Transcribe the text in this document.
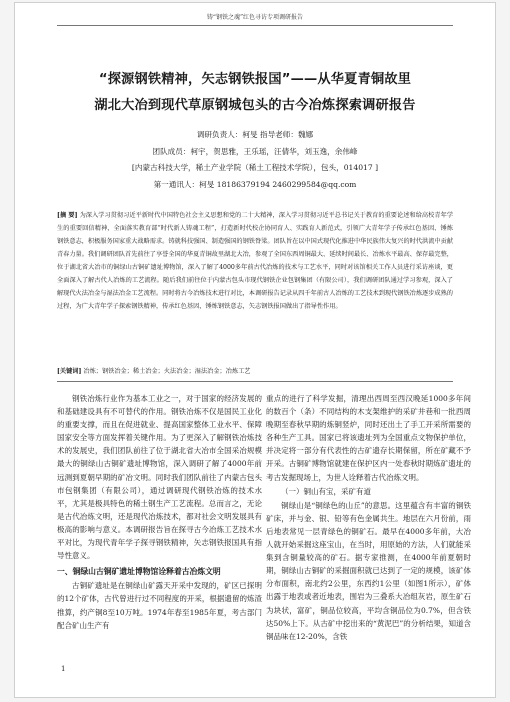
铸“钢铁之魂”红色寻访专项调研报告
“探源钢铁精神，矢志钢铁报国”——从华夏青铜故里
湖北大冶到现代草原钢城包头的古今冶炼探索调研报告
调研负责人：柯旻 指导老师：魏娜
团队成员：柯宇，贺思雅，王乐瑶，汪倩华，刘玉逸，余伟峰
[内蒙古科技大学，稀土产业学院（稀土工程技术学院），包头，014017 ]
第一通讯人：柯旻 18186379194 2460299584@qq.com
[摘 要] 为深入学习贯彻习近平新时代中国特色社会主义思想和党的二十大精神，深入学习贯彻习近平总书记关于教育的重要论述和给高校青年学生的重要回信精神，全面落实教育部“时代新人铸魂工程”，打造新时代校企协同育人、实践育人新范式，引领广大青年学子传承红色基因、锤炼钢铁意志，积极服务国家重大战略需求。铸就科技强国、制造强国的钢铁脊梁。团队旨在以中国式现代化推进中华民族伟大复兴的时代洪流中贡献青春力量。我们调研团队首先前往了享誉全国的华夏青铜故里湖北大冶，参观了全国东西周铜最大、延续时间最长、冶炼水平最高、保存最完整，位于湖北省大冶市的铜绿山古铜矿遗址博物馆，深入了解了4000多年前古代冶炼的技术与工艺水平，同时对该馆相关工作人员进行采访座谈，更全面深入了解古代人冶炼的工艺流程。随后我们前往位于内蒙古包头市现代钢铁企业包钢集团（有限公司），我们调研团队通过学习参观，深入了解现代火法冶金与湿法冶金工艺流程。同时将古今冶炼技术进行对比，本调研报告记录从四千年前古人冶炼的工艺技术到现代钢铁冶炼逐步成熟的过程，为广大青年学子探索钢铁精神，传承红色基因，锤炼钢铁意志，矢志钢铁报国做出了指导性作用。
[关键词] 冶炼；钢铁冶金；稀土冶金；火法冶金；湿法冶金；冶炼工艺

钢铁冶炼行业作为基本工业之一，对于国家的经济发展的和基础建设具有不可替代的作用。钢铁冶炼不仅是国民工业化的重要支撑，而且在促进就业、提高国家整体工业水平、保障国家安全等方面发挥着关键作用。为了更深入了解钢铁冶炼技术的发展史，我们团队前往了位于湖北省大冶市全国采冶规模最大的铜绿山古铜矿遗址博物馆，深入调研了解了4000年前远测到夏朝早期的矿冶文明。同时我们团队前往了内蒙古包头市包钢集团（有限公司），通过调研现代钢铁冶炼的技术水平，尤其是极具特色的稀土钢生产工艺流程。总而言之，无论是古代冶炼文明，还是现代冶炼技术，都对社会文明发展具有极高的影响与意义。本调研报告旨在探寻古今冶炼工艺技术水平对比，为现代青年学子探寻钢铁精神，矢志钢铁报国具有指导性意义。

一、铜绿山古铜矿遗址博物馆诠释着古冶炼文明

古铜矿遗址是在铜绿山矿露天开采中发现的，矿区已探明的12个矿体，古代曾进行过不同程度的开采，根据遗留的炼渣推算，约产铜8至10万吨。1974年春至1985年夏，考古部门配合矿山生产有

重点的进行了科学发掘，清理出西周至西汉晚延1000多年间的数百个（条）不同结构的木支架维护的采矿井巷和一批西周晚期至春秋早期的炼铜竖炉，同时还出土了手工开采所需要的各种生产工具。国家已将该遗址列为全国重点文物保护单位，并决定将一部分有代表性的古矿遗存长期保留，所在矿藏不予开采。古铜矿博物馆就建在保护区内一处春秋时期炼矿遗址的考古发掘现场上，为世人诠释着古代冶炼文明。

（一）铜山有宝，采矿有道

铜绿山是“铜绿色的山丘”的意思。这里蕴含有丰富的铜铁矿床，并与金、银、铅等有色金属共生。地层在六月份前，雨后地表常见一层青绿色的铜矿石。最早在4000多年前，大冶人就开始采掘这座宝山，在当时，用原始的方法，人们就能采集到含铜量较高的矿石。据专家推测，在4000年前夏朝时期，铜绿山古铜矿的采掘面积就已达到了一定的规模，该矿体分布面积，南北约2公里，东西约1公里（如图1所示），矿体出露于地表或者近地表，围岩为三叠系大冶组灰岩，原生矿石为块状，富矿，铜品位较高，平均含铜品位为0.7%，但含铁达50%上下。从古矿中挖出来的“黄泥巴”的分析结果，知道含铜品味在12-20%，含铁

1
